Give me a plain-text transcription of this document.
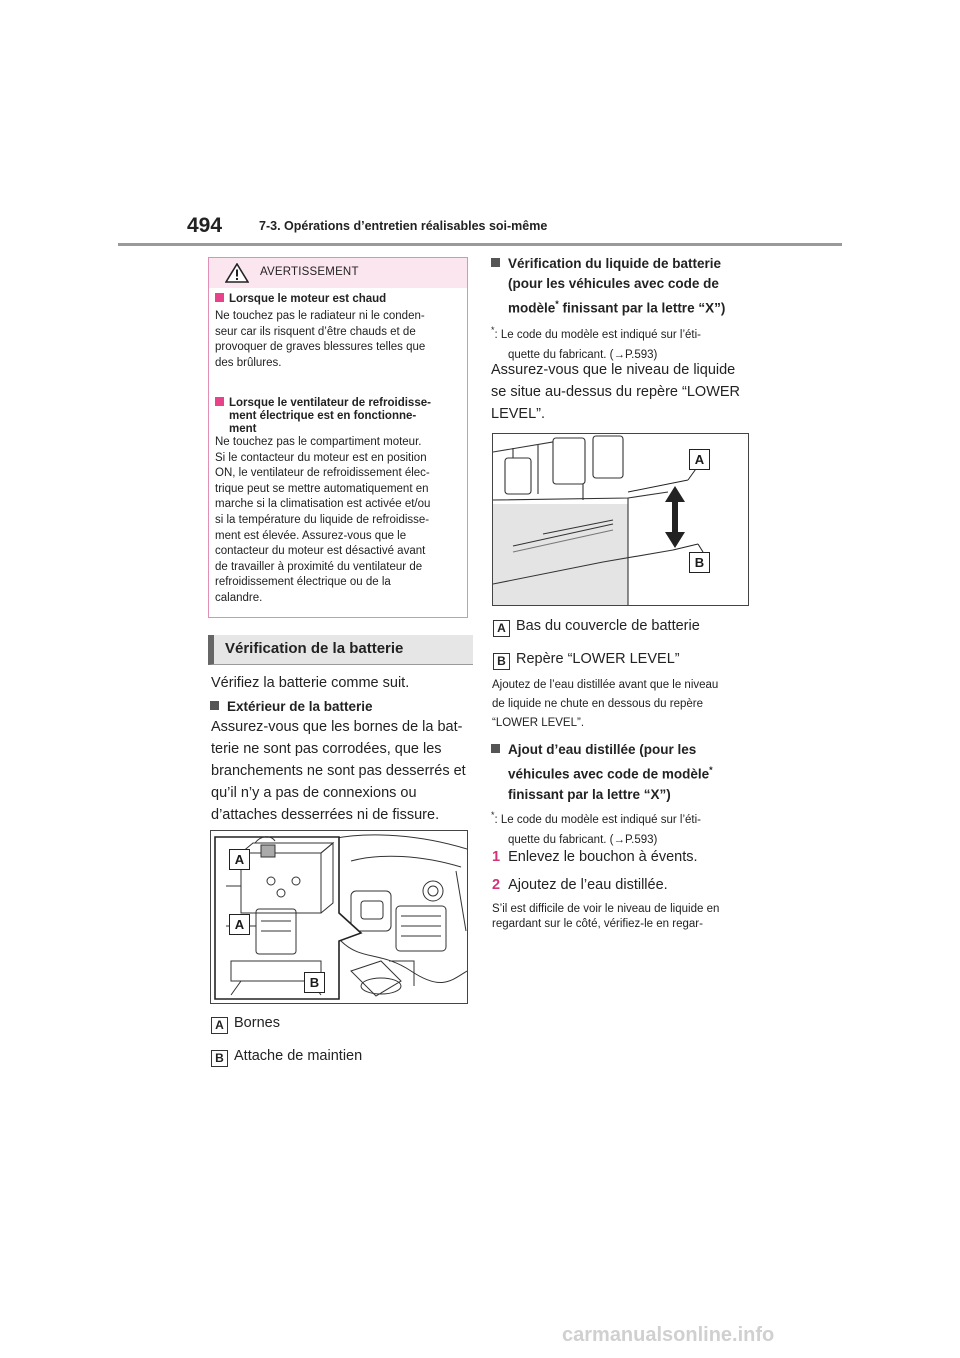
494	7-3. Opérations d’entretien réalisables soi-même
AVERTISSEMENT
Lorsque le moteur est chaud
Ne touchez pas le radiateur ni le conden-
seur car ils risquent d’être chauds et de
provoquer de graves blessures telles que
des brûlures.

Lorsque le ventilateur de refroidisse-
ment électrique est en fonctionne-
ment

Ne touchez pas le compartiment moteur.
Si le contacteur du moteur est en position
ON, le ventilateur de refroidissement élec-
trique peut se mettre automatiquement en
marche si la climatisation est activée et/ou
si la température du liquide de refroidisse-
ment est élevée. Assurez-vous que le
contacteur du moteur est désactivé avant
de travailler à proximité du ventilateur de
refroidissement électrique ou de la
calandre.
Vérification de la batterie
Vérifiez la batterie comme suit.
Extérieur de la batterie
Assurez-vous que les bornes de la bat-
terie ne sont pas corrodées, que les
branchements ne sont pas desserrés et
qu’il n’y a pas de connexions ou
d’attaches desserrées ni de fissure.
A
A
B
A Bornes
B Attache de maintien
Vérification du liquide de batterie
(pour les véhicules avec code de
modèle* finissant par la lettre “X”)
*: Le code du modèle est indiqué sur l’éti-
quette du fabricant. (→P.593)
Assurez-vous que le niveau de liquide
se situe au-dessus du repère “LOWER
LEVEL”.
A
B
A Bas du couvercle de batterie
B Repère “LOWER LEVEL”
Ajoutez de l’eau distillée avant que le niveau
de liquide ne chute en dessous du repère
“LOWER LEVEL”.
Ajout d’eau distillée (pour les
véhicules avec code de modèle*
finissant par la lettre “X”)
*: Le code du modèle est indiqué sur l’éti-
quette du fabricant. (→P.593)
1 Enlevez le bouchon à évents.
2 Ajoutez de l’eau distillée.
S’il est difficile de voir le niveau de liquide en
regardant sur le côté, vérifiez-le en regar-
carmanualsonline.info
